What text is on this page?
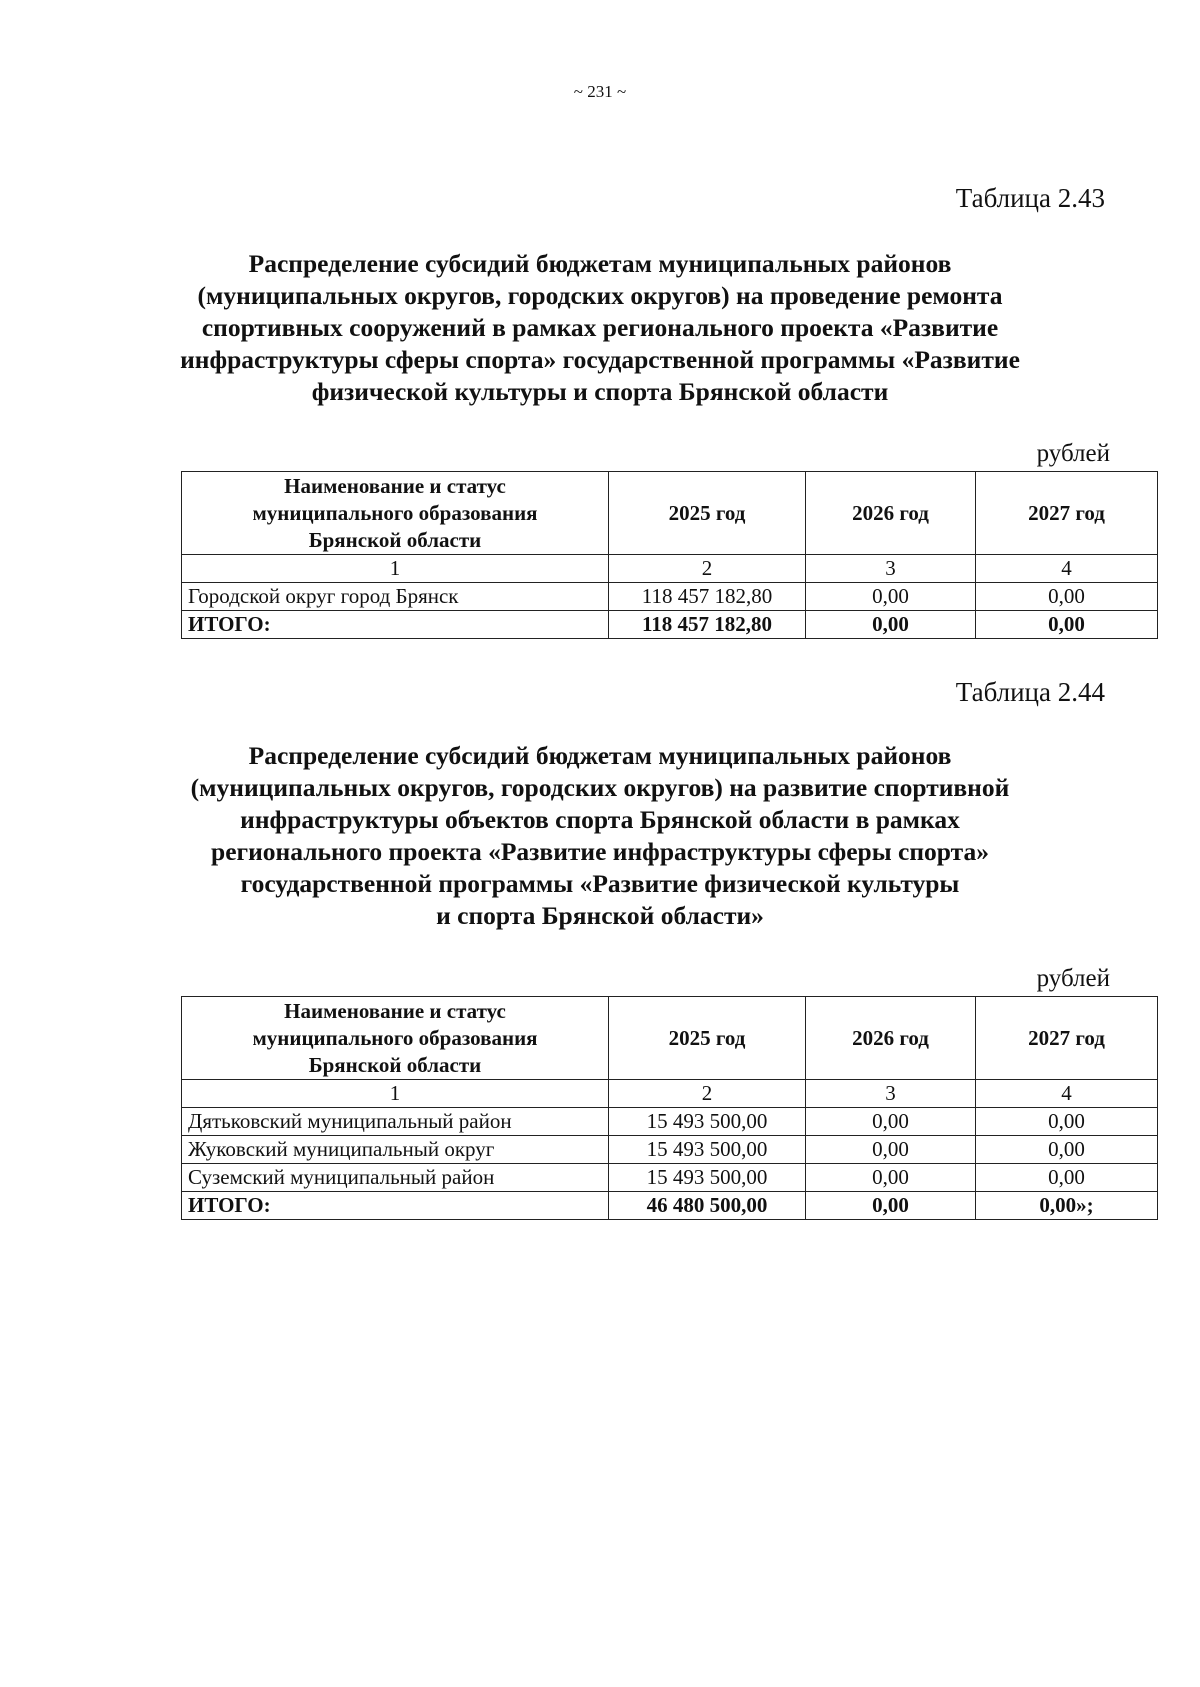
~ 231 ~
Таблица 2.43
Распределение субсидий бюджетам муниципальных районов
(муниципальных округов, городских округов) на проведение ремонта
спортивных сооружений в рамках регионального проекта «Развитие
инфраструктуры сферы спорта» государственной программы «Развитие
физической культуры и спорта Брянской области
рублей
Наименование и статус
муниципального образования
Брянской области	2025 год	2026 год	2027 год
1	2	3	4
Городской округ город Брянск	118 457 182,80	0,00	0,00
ИТОГО:	118 457 182,80	0,00	0,00
Таблица 2.44
Распределение субсидий бюджетам муниципальных районов
(муниципальных округов, городских округов) на развитие спортивной
инфраструктуры объектов спорта Брянской области в рамках
регионального проекта «Развитие инфраструктуры сферы спорта»
государственной программы «Развитие физической культуры
и спорта Брянской области»
рублей
Наименование и статус
муниципального образования
Брянской области	2025 год	2026 год	2027 год
1	2	3	4
Дятьковский муниципальный район	15 493 500,00	0,00	0,00
Жуковский муниципальный округ	15 493 500,00	0,00	0,00
Суземский муниципальный район	15 493 500,00	0,00	0,00
ИТОГО:	46 480 500,00	0,00	0,00»;
